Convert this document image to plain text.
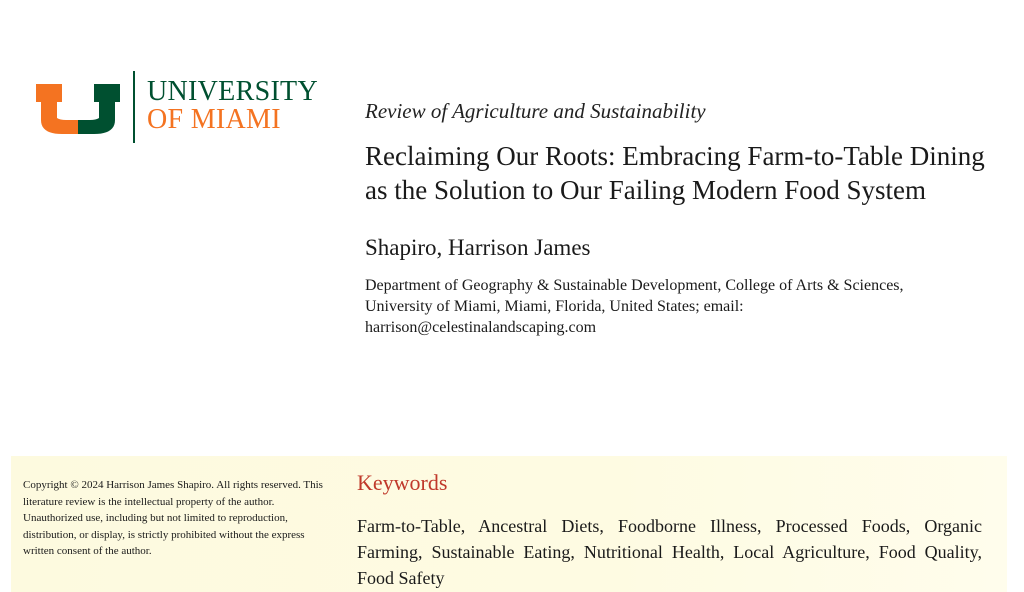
UNIVERSITY
OF MIAMI	Review of Agriculture and Sustainability

Reclaiming Our Roots: Embracing Farm-to-Table Dining as the Solution to Our Failing Modern Food System

Shapiro, Harrison James

Department of Geography & Sustainable Development, College of Arts & Sciences, University of Miami, Miami, Florida, United States; email: harrison@celestinalandscaping.com

Copyright © 2024 Harrison James Shapiro. All rights reserved. This literature review is the intellectual property of the author. Unauthorized use, including but not limited to reproduction, distribution, or display, is strictly prohibited without the express written consent of the author.
Keywords

Farm-to-Table, Ancestral Diets, Foodborne Illness, Processed Foods, Organic Farming, Sustainable Eating, Nutritional Health, Local Agriculture, Food Quality, Food Safety
